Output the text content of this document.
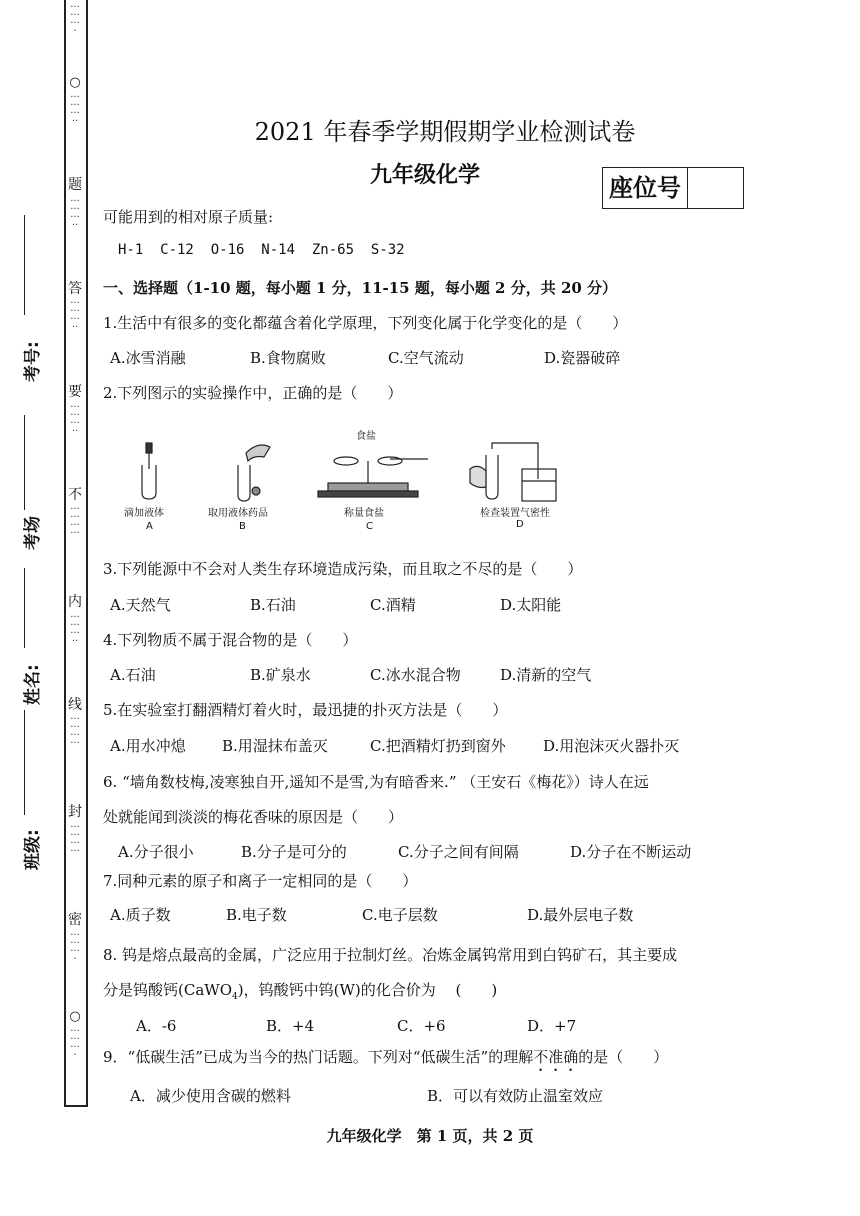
··········
○
···········
题
···········
答
···········
要
···········
不
············
内
···········
线
············
封
············
密
··········
○
··········
考号:
考场
姓名:
班级:
2021 年春季学期假期学业检测试卷
九年级化学	座位号
可能用到的相对原子质量:
H-1  C-12  O-16  N-14  Zn-65  S-32
一、选择题（1-10 题，每小题 1 分，11-15 题，每小题 2 分，共 20 分）
1.生活中有很多的变化都蕴含着化学原理，下列变化属于化学变化的是（　　）
A.冰雪消融	B.食物腐败	C.空气流动	D.瓷器破碎
2.下列图示的实验操作中，正确的是（　　）
食盐
滴加液体	取用液体药品	称量食盐	检查装置气密性
A	B	C	D
3.下列能源中不会对人类生存环境造成污染，而且取之不尽的是（　　）
A.天然气	B.石油	C.酒精	D.太阳能
4.下列物质不属于混合物的是（　　）
A.石油	B.矿泉水	C.冰水混合物	D.清新的空气
5.在实验室打翻酒精灯着火时，最迅捷的扑灭方法是（　　）
A.用水冲熄 B.用湿抹布盖灭	C.把酒精灯扔到窗外 D.用泡沫灭火器扑灭
6. “墙角数枝梅,凌寒独自开,遥知不是雪,为有暗香来.” （王安石《梅花》）诗人在远
处就能闻到淡淡的梅花香味的原因是（　　）
A.分子很小	B.分子是可分的	C.分子之间有间隔	D.分子在不断运动
7.同种元素的原子和离子一定相同的是（　　）
A.质子数	B.电子数	C.电子层数	D.最外层电子数
8. 钨是熔点最高的金属，广泛应用于拉制灯丝。冶炼金属钨常用到白钨矿石，其主要成
分是钨酸钙(CaWO$_4$)，钨酸钙中钨(W)的化合价为　 (　　)
A．-6	B．+4	C．+6	D．+7
9．“低碳生活”已成为当今的热门话题。下列对“低碳生活”的理解不准确的是（　　）
A．减少使用含碳的燃料	B．可以有效防止温室效应
九年级化学　第 1 页，共 2 页
